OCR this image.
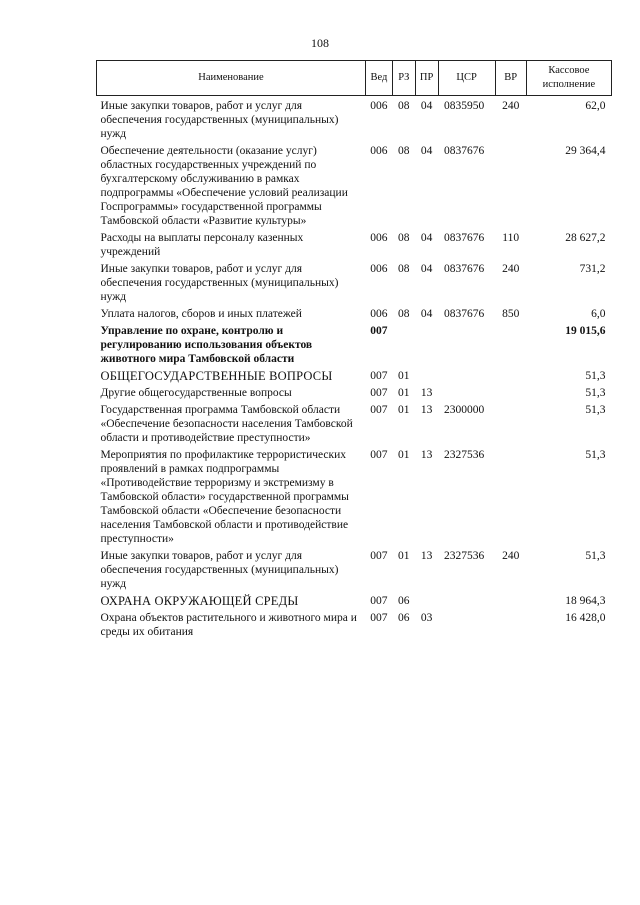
108
Наименование	Вед	РЗ	ПР	ЦСР	ВР	Кассовое исполнение
Иные закупки товаров, работ и услуг для обеспечения государственных (муниципальных) нужд	006	08	04	0835950	240	62,0
Обеспечение деятельности (оказание услуг) областных государственных учреждений по бухгалтерскому обслуживанию в рамках подпрограммы «Обеспечение условий реализации Госпрограммы» государственной программы Тамбовской области «Развитие культуры»	006	08	04	0837676		29 364,4
Расходы на выплаты персоналу казенных учреждений	006	08	04	0837676	110	28 627,2
Иные закупки товаров, работ и услуг для обеспечения государственных (муниципальных) нужд	006	08	04	0837676	240	731,2
Уплата налогов, сборов и иных платежей	006	08	04	0837676	850	6,0
Управление по охране, контролю и регулированию использования объектов животного мира Тамбовской области	007					19 015,6
ОБЩЕГОСУДАРСТВЕННЫЕ ВОПРОСЫ	007	01				51,3
Другие общегосударственные вопросы	007	01	13			51,3
Государственная программа Тамбовской области «Обеспечение безопасности населения Тамбовской области и противодействие преступности»	007	01	13	2300000		51,3
Мероприятия по профилактике террористических проявлений в рамках подпрограммы «Противодействие терроризму и экстремизму в Тамбовской области» государственной программы Тамбовской области «Обеспечение безопасности населения Тамбовской области и противодействие преступности»	007	01	13	2327536		51,3
Иные закупки товаров, работ и услуг для обеспечения государственных (муниципальных) нужд	007	01	13	2327536	240	51,3
ОХРАНА ОКРУЖАЮЩЕЙ СРЕДЫ	007	06				18 964,3
Охрана объектов растительного и животного мира и среды их обитания	007	06	03			16 428,0
